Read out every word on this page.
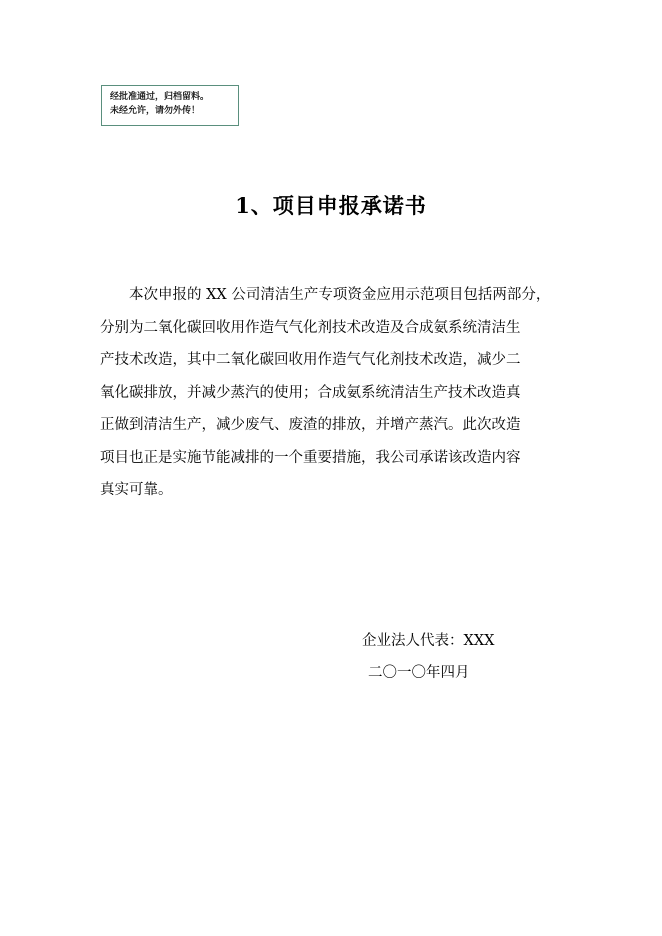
经批准通过，归档留料。
未经允许，请勿外传！
1、项目申报承诺书
本次申报的 XX 公司清洁生产专项资金应用示范项目包括两部分，
分别为二氧化碳回收用作造气气化剂技术改造及合成氨系统清洁生
产技术改造，其中二氧化碳回收用作造气气化剂技术改造，减少二
氧化碳排放，并减少蒸汽的使用；合成氨系统清洁生产技术改造真
正做到清洁生产，减少废气、废渣的排放，并增产蒸汽。此次改造
项目也正是实施节能减排的一个重要措施，我公司承诺该改造内容
真实可靠。
企业法人代表：XXX
二〇一〇年四月
